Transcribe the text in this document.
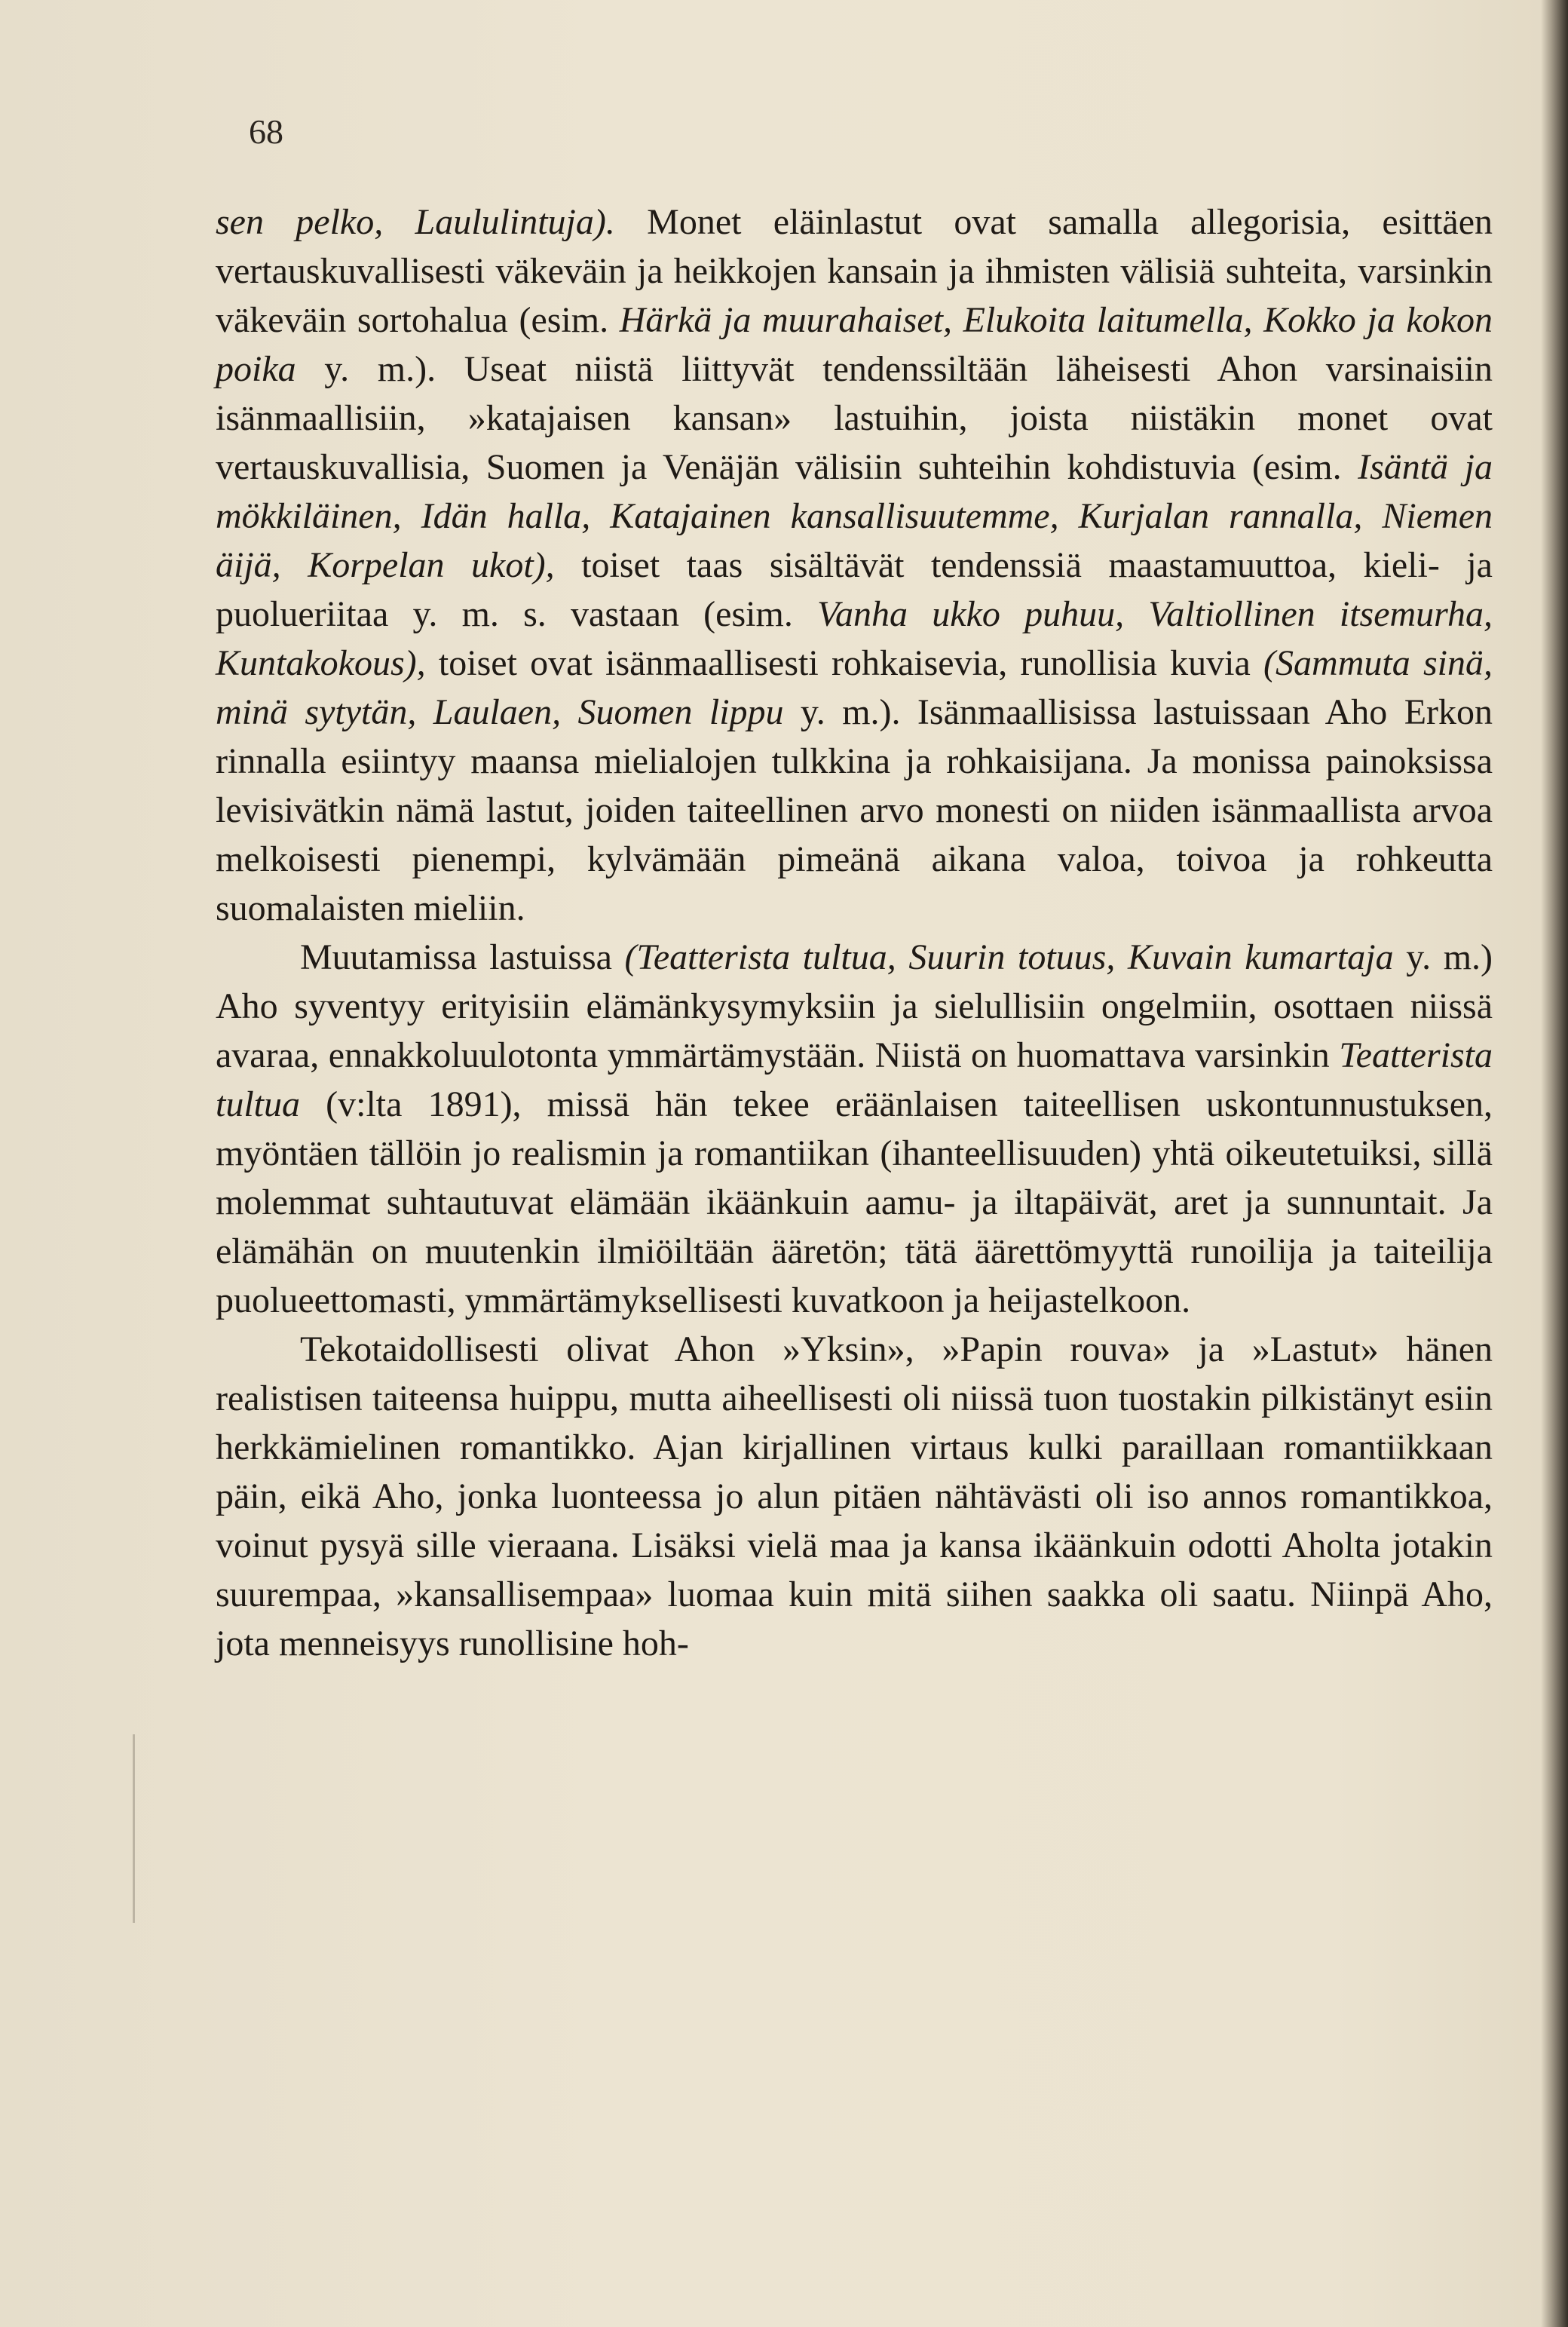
68

sen pelko, Laululintuja). Monet eläinlastut ovat samalla allegorisia, esittäen vertauskuvallisesti väkeväin ja heikkojen kansain ja ihmisten välisiä suhteita, varsinkin väkeväin sortohalua (esim. Härkä ja muurahaiset, Elukoita laitumella, Kokko ja kokon poika y. m.). Useat niistä liittyvät tendenssiltään läheisesti Ahon varsinaisiin isänmaallisiin, »katajaisen kansan» lastuihin, joista niistäkin monet ovat vertauskuvallisia, Suomen ja Venäjän välisiin suhteihin kohdistuvia (esim. Isäntä ja mökkiläinen, Idän halla, Katajainen kansallisuutemme, Kurjalan rannalla, Niemen äijä, Korpelan ukot), toiset taas sisältävät tendenssiä maastamuuttoa, kieli- ja puolueriitaa y. m. s. vastaan (esim. Vanha ukko puhuu, Valtiollinen itsemurha, Kuntakokous), toiset ovat isänmaallisesti rohkaisevia, runollisia kuvia (Sammuta sinä, minä sytytän, Laulaen, Suomen lippu y. m.). Isänmaallisissa lastuissaan Aho Erkon rinnalla esiintyy maansa mielialojen tulkkina ja rohkaisijana. Ja monissa painoksissa levisivätkin nämä lastut, joiden taiteellinen arvo monesti on niiden isänmaallista arvoa melkoisesti pienempi, kylvämään pimeänä aikana valoa, toivoa ja rohkeutta suomalaisten mieliin.

Muutamissa lastuissa (Teatterista tultua, Suurin totuus, Kuvain kumartaja y. m.) Aho syventyy erityisiin elämänkysymyksiin ja sielullisiin ongelmiin, osottaen niissä avaraa, ennakkoluulotonta ymmärtämystään. Niistä on huomattava varsinkin Teatterista tultua (v:lta 1891), missä hän tekee eräänlaisen taiteellisen uskontunnustuksen, myöntäen tällöin jo realismin ja romantiikan (ihanteellisuuden) yhtä oikeutetuiksi, sillä molemmat suhtautuvat elämään ikäänkuin aamu- ja iltapäivät, aret ja sunnuntait. Ja elämähän on muutenkin ilmiöiltään ääretön; tätä äärettömyyttä runoilija ja taiteilija puolueettomasti, ymmärtämyksellisesti kuvatkoon ja heijastelkoon.

Tekotaidollisesti olivat Ahon »Yksin», »Papin rouva» ja »Lastut» hänen realistisen taiteensa huippu, mutta aiheellisesti oli niissä tuon tuostakin pilkistänyt esiin herkkämielinen romantikko. Ajan kirjallinen virtaus kulki paraillaan romantiikkaan päin, eikä Aho, jonka luonteessa jo alun pitäen nähtävästi oli iso annos romantikkoa, voinut pysyä sille vieraana. Lisäksi vielä maa ja kansa ikäänkuin odotti Aholta jotakin suurempaa, »kansallisempaa» luomaa kuin mitä siihen saakka oli saatu. Niinpä Aho, jota menneisyys runollisine hoh-
